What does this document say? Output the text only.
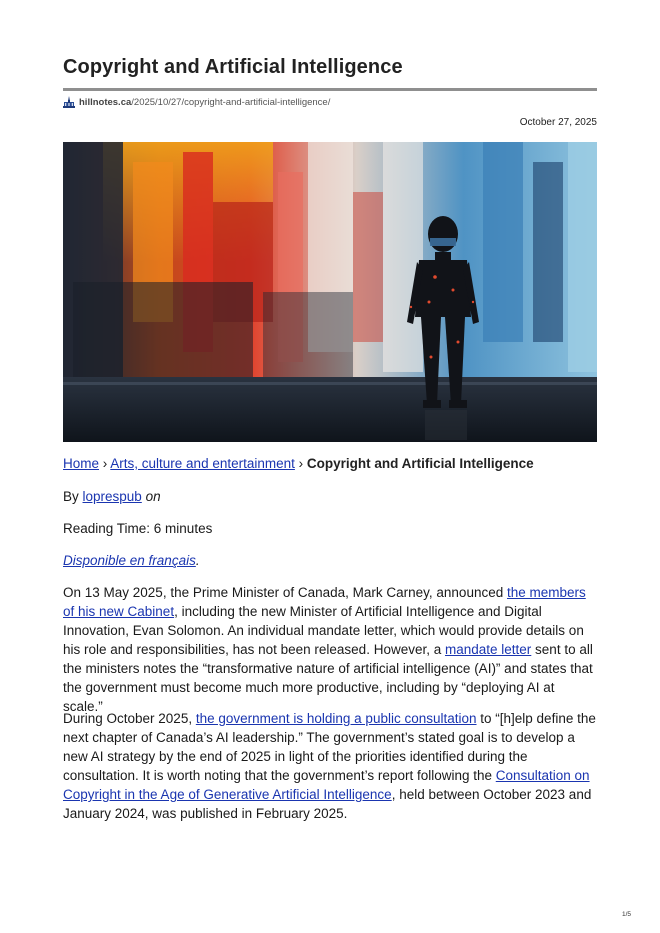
Copyright and Artificial Intelligence
hillnotes.ca /2025/10/27/copyright-and-artificial-intelligence/
October 27, 2025

Home › Arts, culture and entertainment › Copyright and Artificial Intelligence

By loprespub on

Reading Time: 6 minutes

Disponible en français.

On 13 May 2025, the Prime Minister of Canada, Mark Carney, announced the members of his new Cabinet, including the new Minister of Artificial Intelligence and Digital Innovation, Evan Solomon. An individual mandate letter, which would provide details on his role and responsibilities, has not been released. However, a mandate letter sent to all the ministers notes the “transformative nature of artificial intelligence (AI)” and states that the government must become much more productive, including by “deploying AI at scale.”

During October 2025, the government is holding a public consultation to “[h]elp define the next chapter of Canada’s AI leadership.” The government’s stated goal is to develop a new AI strategy by the end of 2025 in light of the priorities identified during the consultation. It is worth noting that the government’s report following the Consultation on Copyright in the Age of Generative Artificial Intelligence, held between October 2023 and January 2024, was published in February 2025.

1/5
